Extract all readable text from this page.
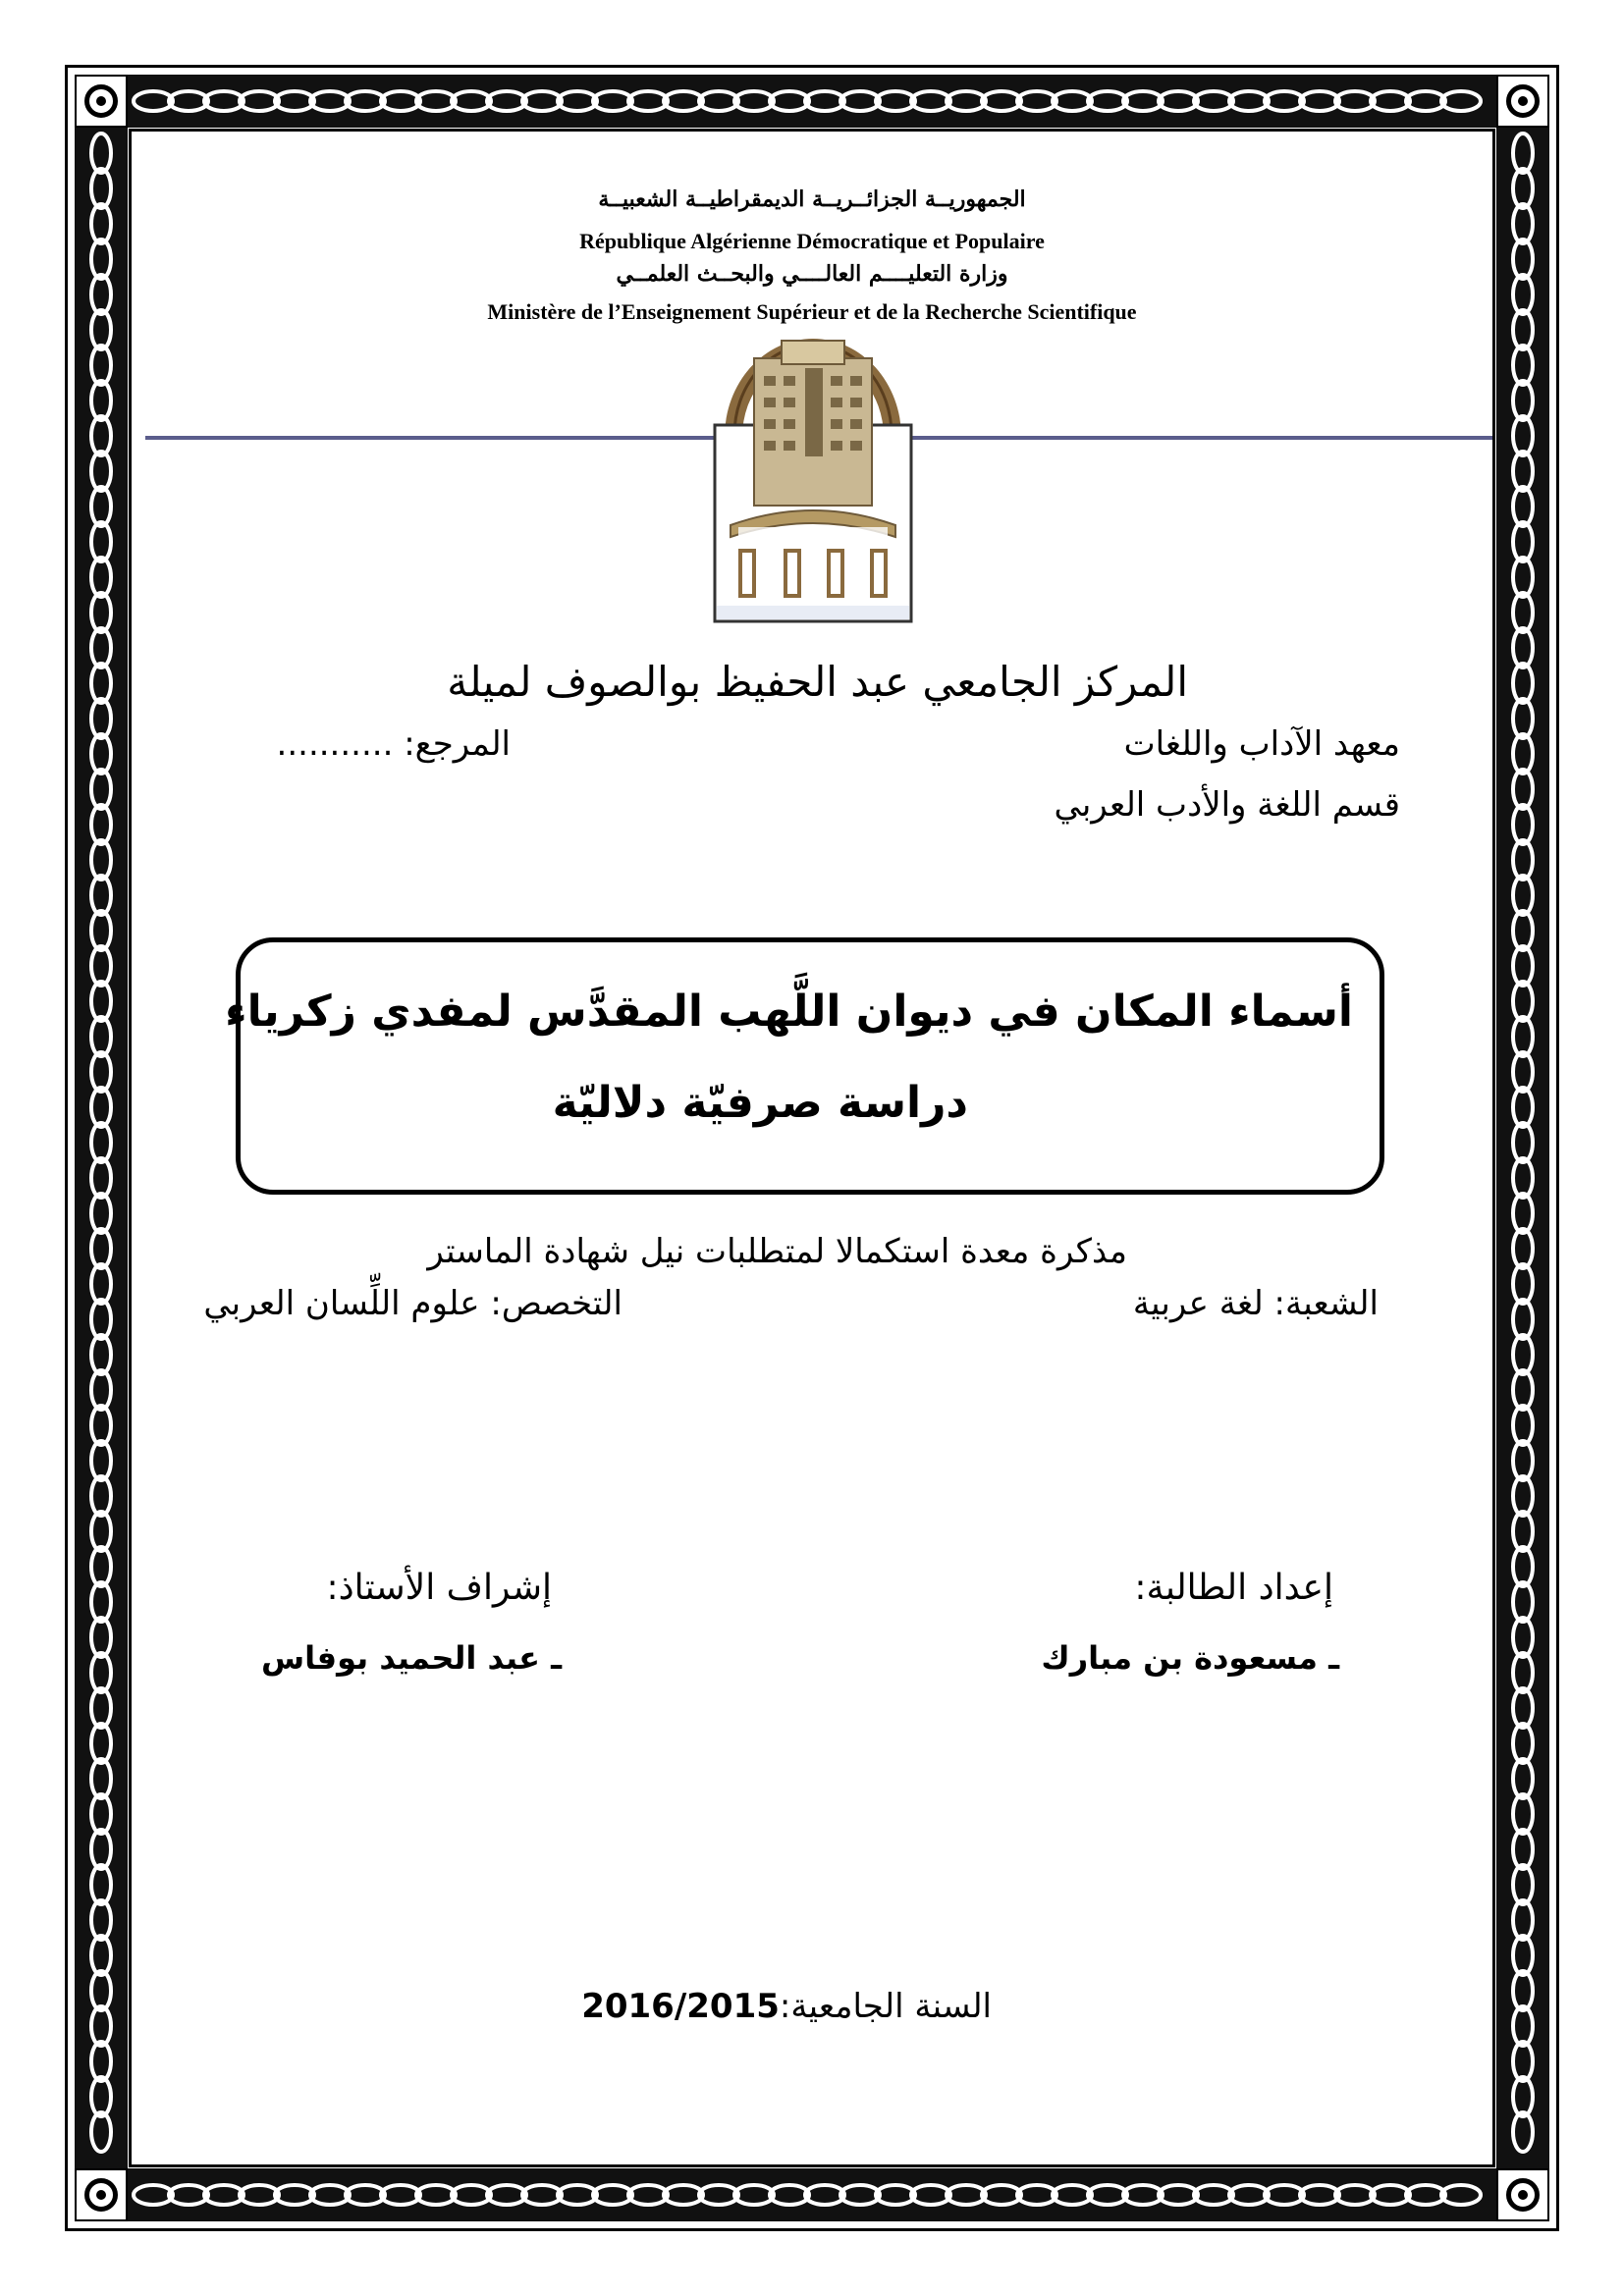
الجمهوريــة الجزائــريــة الديمقراطيــة الشعبيــة
République Algérienne Démocratique et Populaire
وزارة التعليــــم العالــــي والبحــث العلمــي
Ministère de l’Enseignement Supérieur et de la Recherche Scientifique
المركز الجامعي عبد الحفيظ بوالصوف لميلة
معهد الآداب واللغات
المرجع: ...........
قسم اللغة والأدب العربي
أسماء المكان في ديوان اللَّهب المقدَّس لمفدي زكرياء
دراسة صرفيّة دلاليّة
مذكرة معدة استكمالا لمتطلبات نيل شهادة الماستر
الشعبة: لغة عربية
التخصص: علوم اللِّسان العربي
إعداد الطالبة:
ـ مسعودة بن مبارك
إشراف الأستاذ:
ـ عبد الحميد بوفاس
السنة الجامعية:2016/2015
